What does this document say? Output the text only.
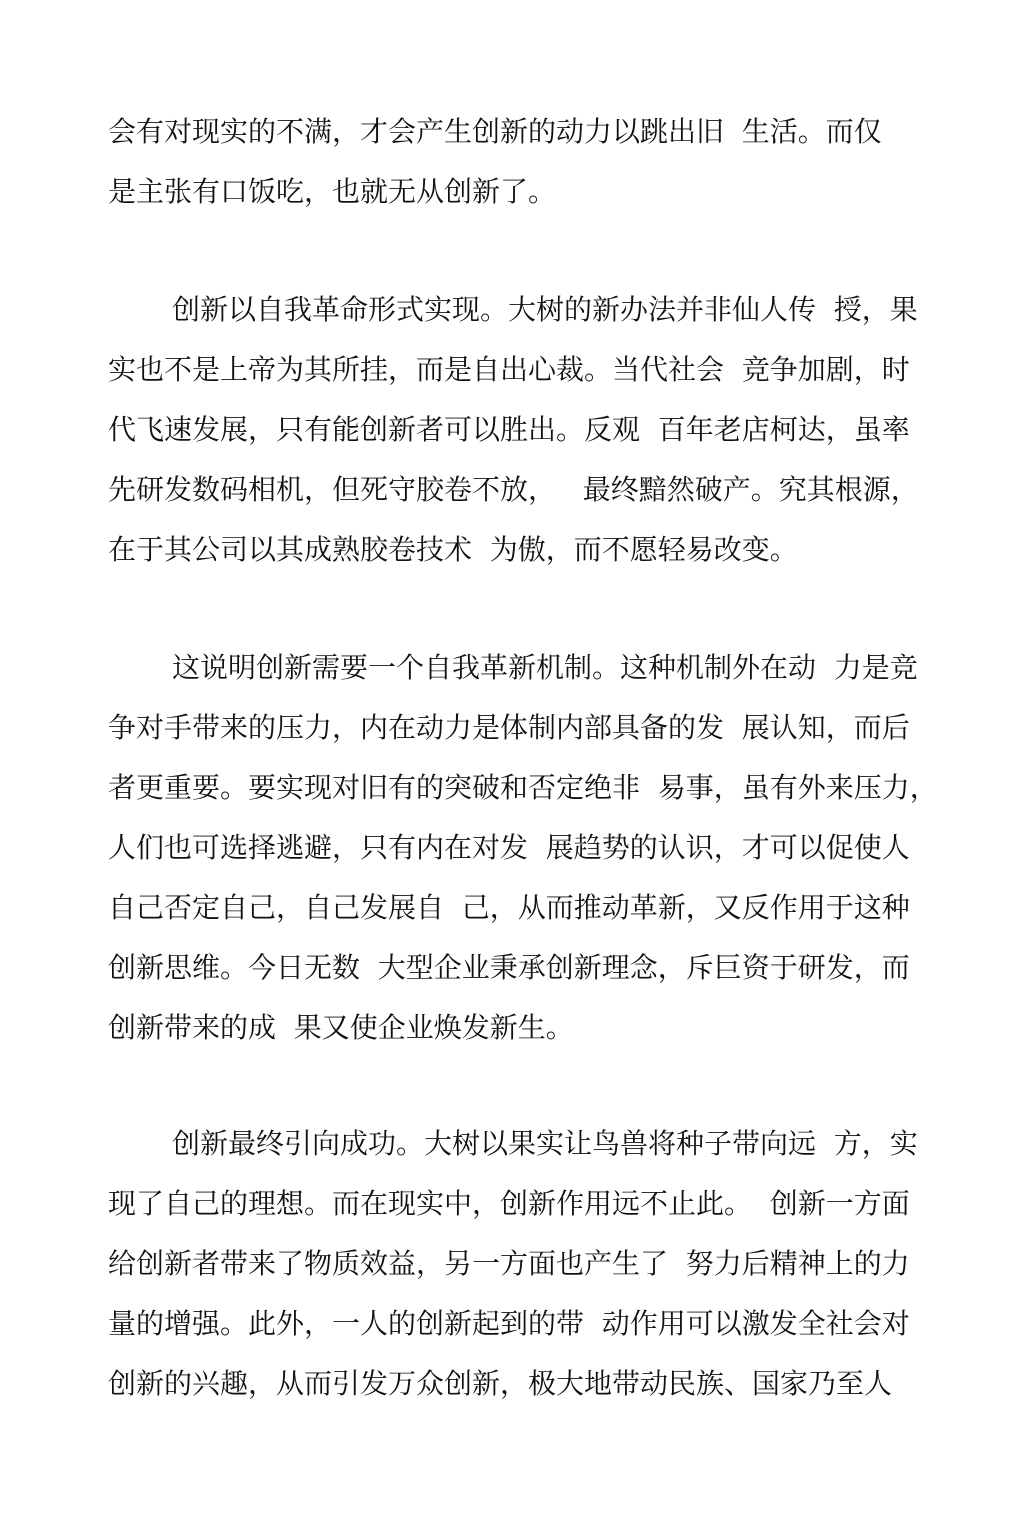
会有对现实的不满，才会产生创新的动力以跳出旧  生活。而仅

是主张有口饭吃，也就无从创新了。

创新以自我革命形式实现。大树的新办法并非仙人传  授，果

实也不是上帝为其所挂，而是自出心裁。当代社会  竞争加剧，时

代飞速发展，只有能创新者可以胜出。反观  百年老店柯达，虽率

先研发数码相机，但死守胶卷不放，   最终黯然破产。究其根源，

在于其公司以其成熟胶卷技术  为傲，而不愿轻易改变。

这说明创新需要一个自我革新机制。这种机制外在动  力是竞

争对手带来的压力，内在动力是体制内部具备的发  展认知，而后

者更重要。要实现对旧有的突破和否定绝非  易事，虽有外来压力，

人们也可选择逃避，只有内在对发  展趋势的认识，才可以促使人

自己否定自己，自己发展自  己，从而推动革新，又反作用于这种

创新思维。今日无数  大型企业秉承创新理念，斥巨资于研发，而

创新带来的成  果又使企业焕发新生。

创新最终引向成功。大树以果实让鸟兽将种子带向远  方，实

现了自己的理想。而在现实中，创新作用远不止此。  创新一方面

给创新者带来了物质效益，另一方面也产生了  努力后精神上的力

量的增强。此外，一人的创新起到的带  动作用可以激发全社会对

创新的兴趣，从而引发万众创新，极大地带动民族、国家乃至人
